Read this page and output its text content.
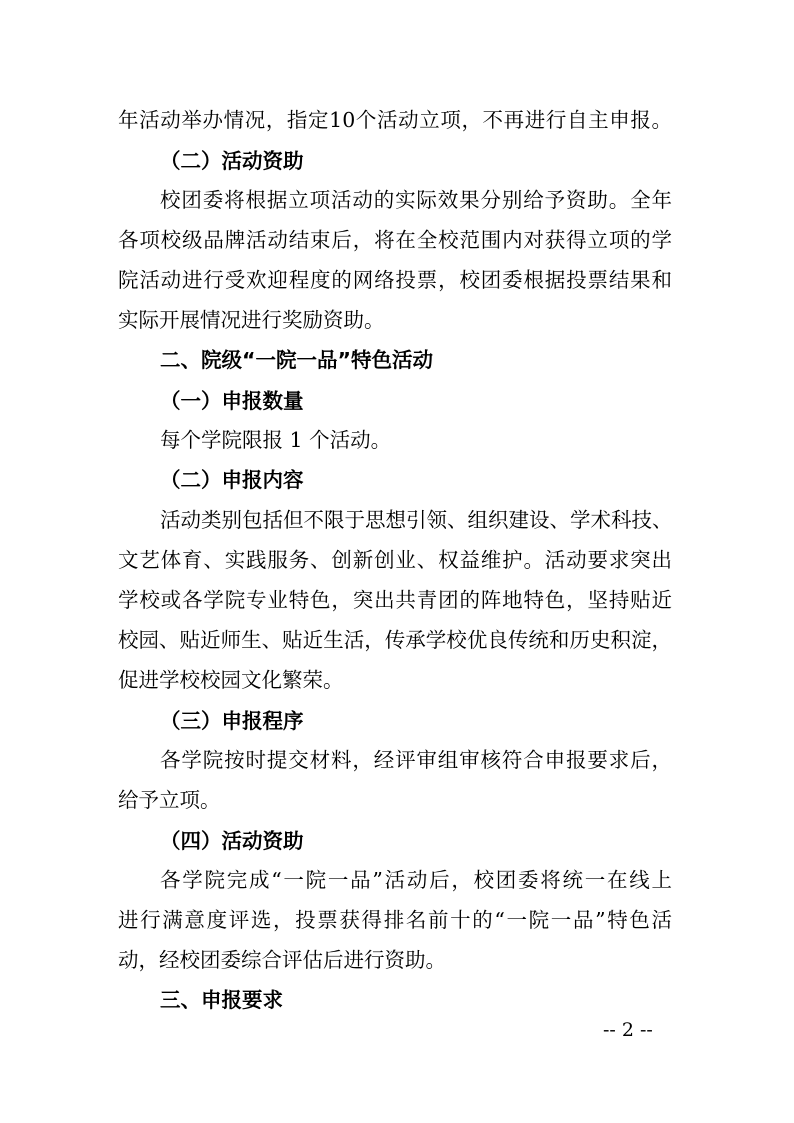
年活动举办情况，指定10个活动立项，不再进行自主申报。
（二）活动资助
校团委将根据立项活动的实际效果分别给予资助。全年
各项校级品牌活动结束后，将在全校范围内对获得立项的学
院活动进行受欢迎程度的网络投票，校团委根据投票结果和
实际开展情况进行奖励资助。
二、院级“一院一品”特色活动
（一）申报数量
每个学院限报 1 个活动。
（二）申报内容
活动类别包括但不限于思想引领、组织建设、学术科技、
文艺体育、实践服务、创新创业、权益维护。活动要求突出
学校或各学院专业特色，突出共青团的阵地特色，坚持贴近
校园、贴近师生、贴近生活，传承学校优良传统和历史积淀，
促进学校校园文化繁荣。
（三）申报程序
各学院按时提交材料，经评审组审核符合申报要求后，
给予立项。
（四）活动资助
各学院完成“一院一品”活动后，校团委将统一在线上
进行满意度评选，投票获得排名前十的“一院一品”特色活
动，经校团委综合评估后进行资助。
三、申报要求
-- 2 --
